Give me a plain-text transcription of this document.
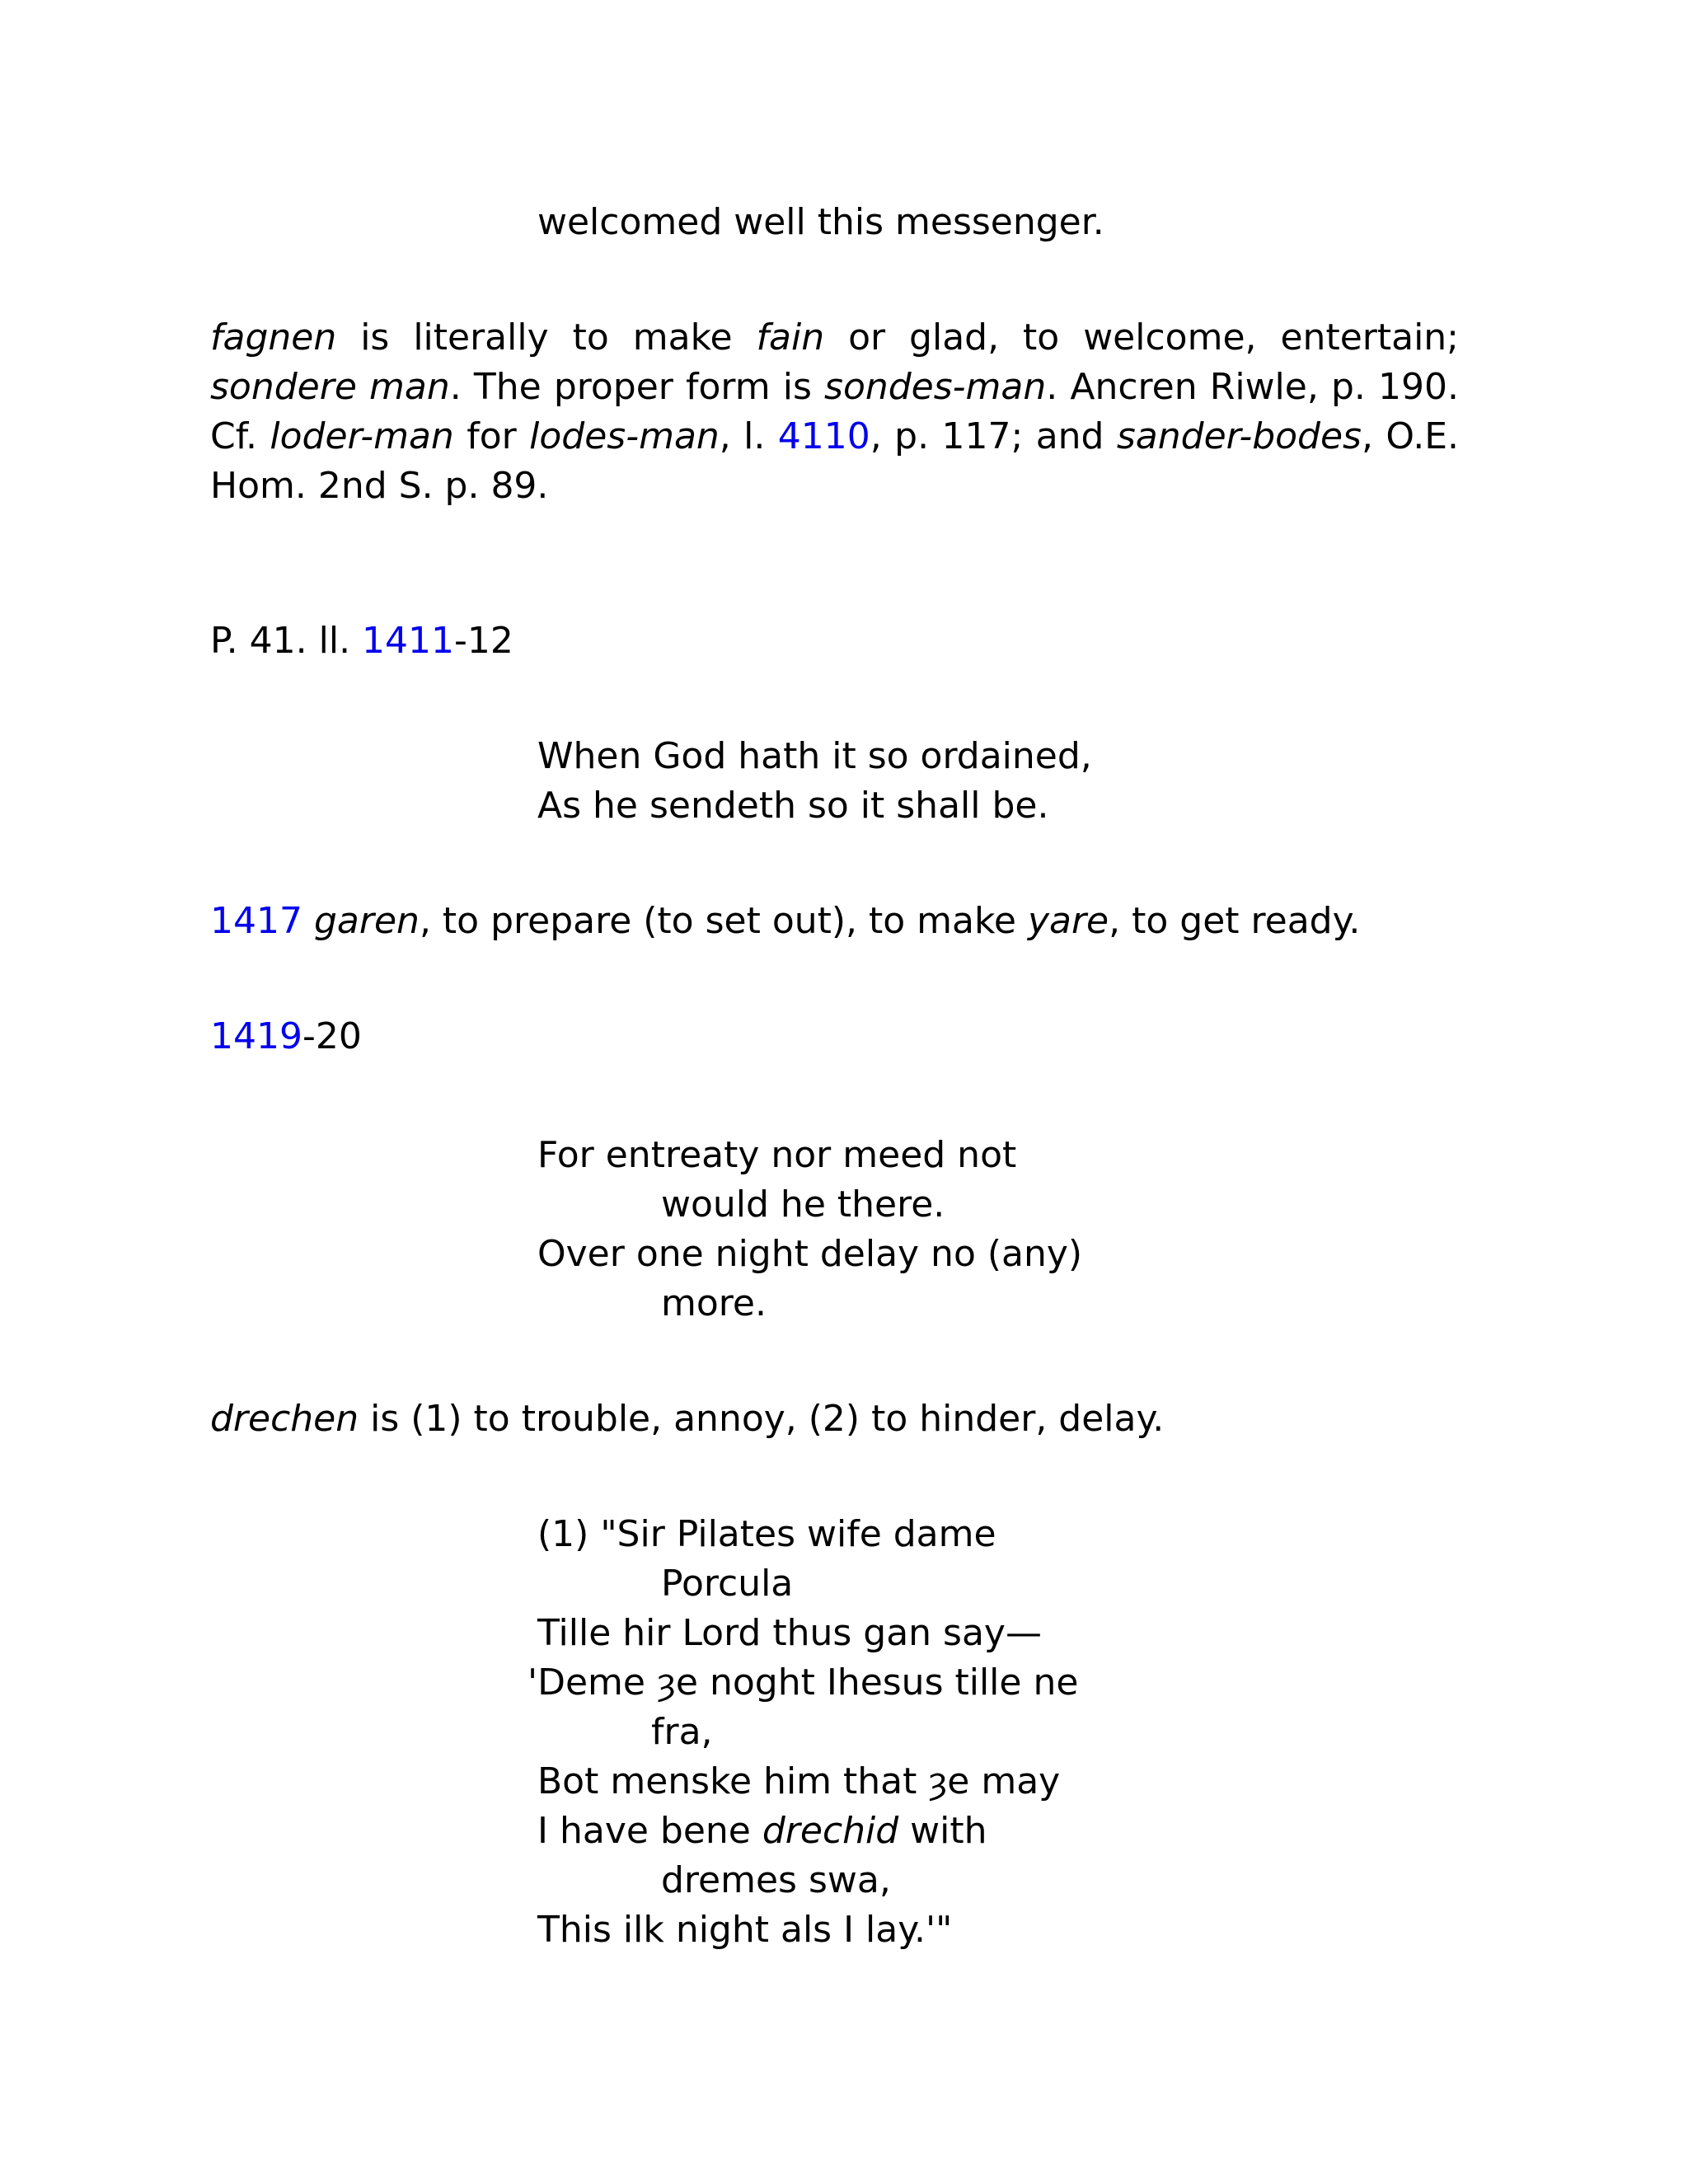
welcomed well this messenger.
fagnen is literally to make fain or glad, to welcome, entertain;
sondere man. The proper form is sondes-man. Ancren Riwle, p. 190.
Cf. loder-man for lodes-man, l. 4110, p. 117; and sander-bodes, O.E.
Hom. 2nd S. p. 89.
P. 41. ll. 1411-12
When God hath it so ordained,
As he sendeth so it shall be.
1417 garen, to prepare (to set out), to make yare, to get ready.
1419-20
For entreaty nor meed not
would he there.
Over one night delay no (any)
more.
drechen is (1) to trouble, annoy, (2) to hinder, delay.
(1) "Sir Pilates wife dame
Porcula
Tille hir Lord thus gan say—
'Deme ȝe noght Ihesus tille ne
fra,
Bot menske him that ȝe may
I have bene drechid with
dremes swa,
This ilk night als I lay.'"
